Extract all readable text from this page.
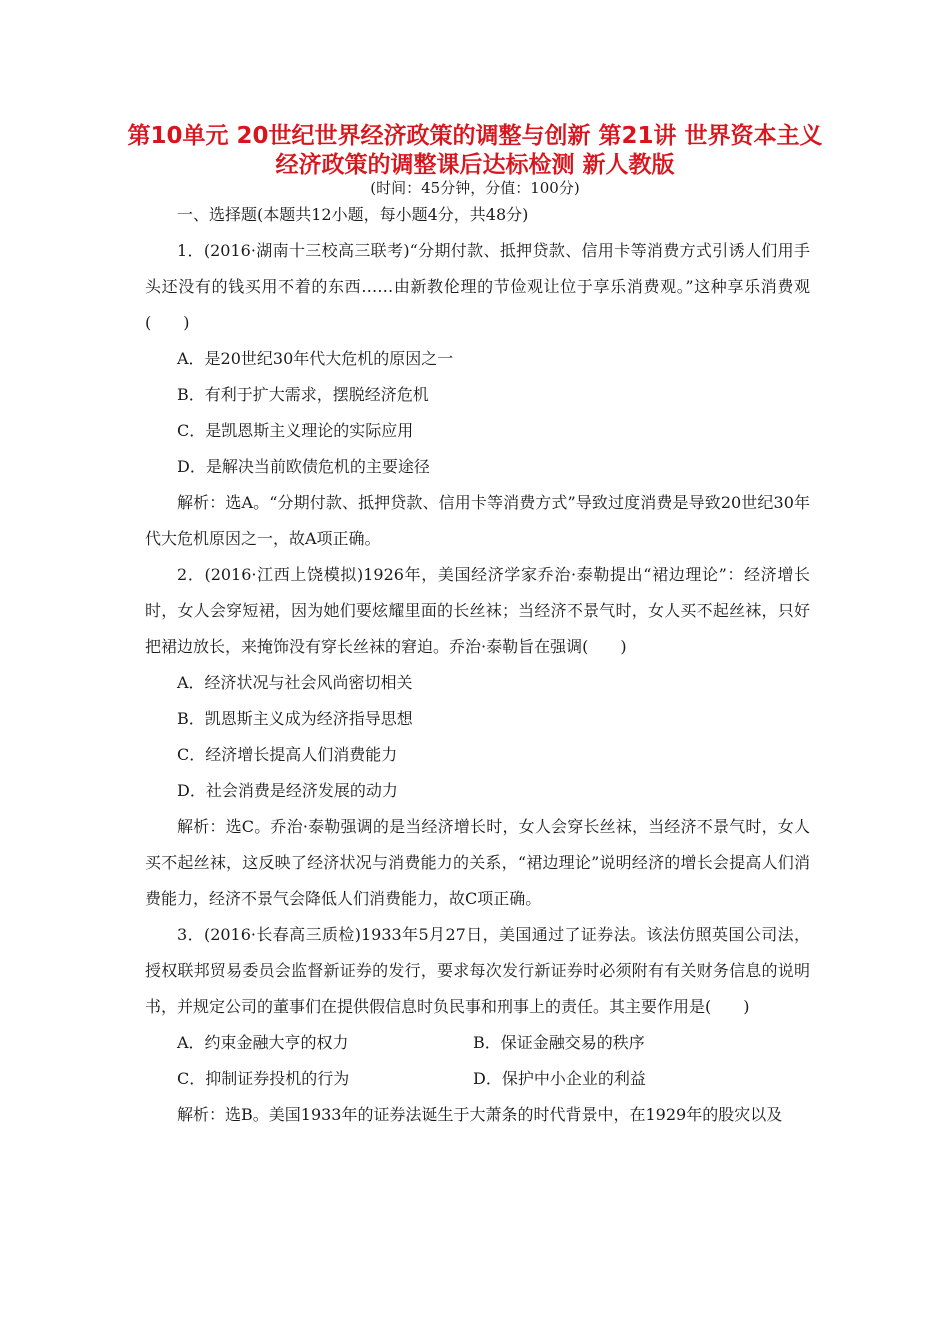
第10单元 20世纪世界经济政策的调整与创新 第21讲 世界资本主义经济政策的调整课后达标检测 新人教版
(时间：45分钟，分值：100分)
一、选择题(本题共12小题，每小题4分，共48分)

1．(2016·湖南十三校高三联考)“分期付款、抵押贷款、信用卡等消费方式引诱人们用手头还没有的钱买用不着的东西……由新教伦理的节俭观让位于享乐消费观。”这种享乐消费观(　　)

A．是20世纪30年代大危机的原因之一
B．有利于扩大需求，摆脱经济危机
C．是凯恩斯主义理论的实际应用
D．是解决当前欧债危机的主要途径

解析：选A。“分期付款、抵押贷款、信用卡等消费方式”导致过度消费是导致20世纪30年代大危机原因之一，故A项正确。

2．(2016·江西上饶模拟)1926年，美国经济学家乔治·泰勒提出“裙边理论”：经济增长时，女人会穿短裙，因为她们要炫耀里面的长丝袜；当经济不景气时，女人买不起丝袜，只好把裙边放长，来掩饰没有穿长丝袜的窘迫。乔治·泰勒旨在强调(　　)

A．经济状况与社会风尚密切相关
B．凯恩斯主义成为经济指导思想
C．经济增长提高人们消费能力
D．社会消费是经济发展的动力

解析：选C。乔治·泰勒强调的是当经济增长时，女人会穿长丝袜，当经济不景气时，女人买不起丝袜，这反映了经济状况与消费能力的关系，“裙边理论”说明经济的增长会提高人们消费能力，经济不景气会降低人们消费能力，故C项正确。

3．(2016·长春高三质检)1933年5月27日，美国通过了证券法。该法仿照英国公司法，授权联邦贸易委员会监督新证券的发行，要求每次发行新证券时必须附有有关财务信息的说明书，并规定公司的董事们在提供假信息时负民事和刑事上的责任。其主要作用是(　　)

A．约束金融大亨的权力	B．保证金融交易的秩序
C．抑制证券投机的行为	D．保护中小企业的利益

解析：选B。美国1933年的证券法诞生于大萧条的时代背景中，在1929年的股灾以及
